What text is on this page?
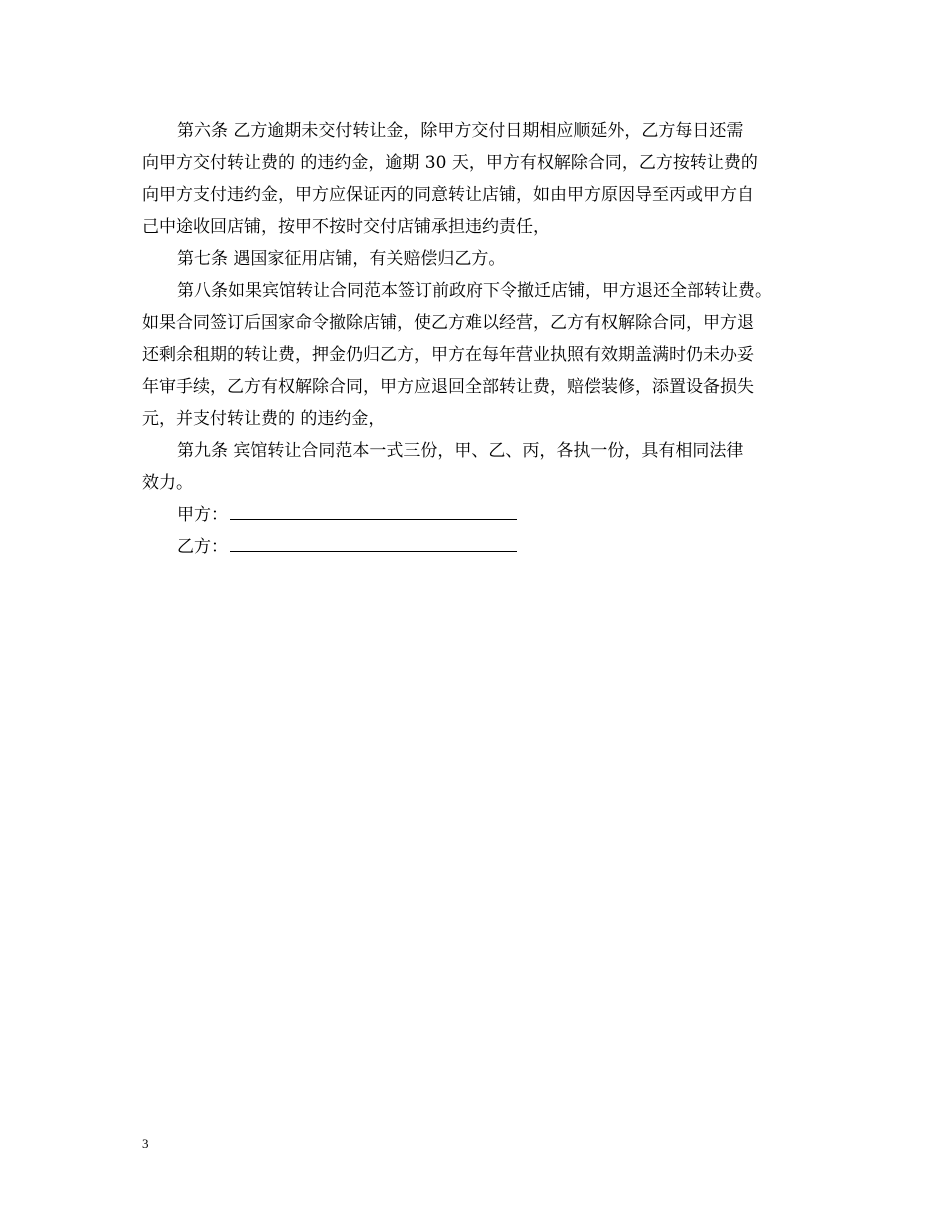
第六条 乙方逾期未交付转让金，除甲方交付日期相应顺延外，乙方每日还需
向甲方交付转让费的 的违约金，逾期 30 天，甲方有权解除合同，乙方按转让费的
向甲方支付违约金，甲方应保证丙的同意转让店铺，如由甲方原因导至丙或甲方自
己中途收回店铺，按甲不按时交付店铺承担违约责任，
第七条 遇国家征用店铺，有关赔偿归乙方。
第八条如果宾馆转让合同范本签订前政府下令撤迁店铺，甲方退还全部转让费。
如果合同签订后国家命令撤除店铺，使乙方难以经营，乙方有权解除合同，甲方退
还剩余租期的转让费，押金仍归乙方，甲方在每年营业执照有效期盖满时仍未办妥
年审手续，乙方有权解除合同，甲方应退回全部转让费，赔偿装修，添置设备损失
元，并支付转让费的 的违约金，
第九条 宾馆转让合同范本一式三份，甲、乙、丙，各执一份，具有相同法律
效力。
甲方：
乙方：
3
